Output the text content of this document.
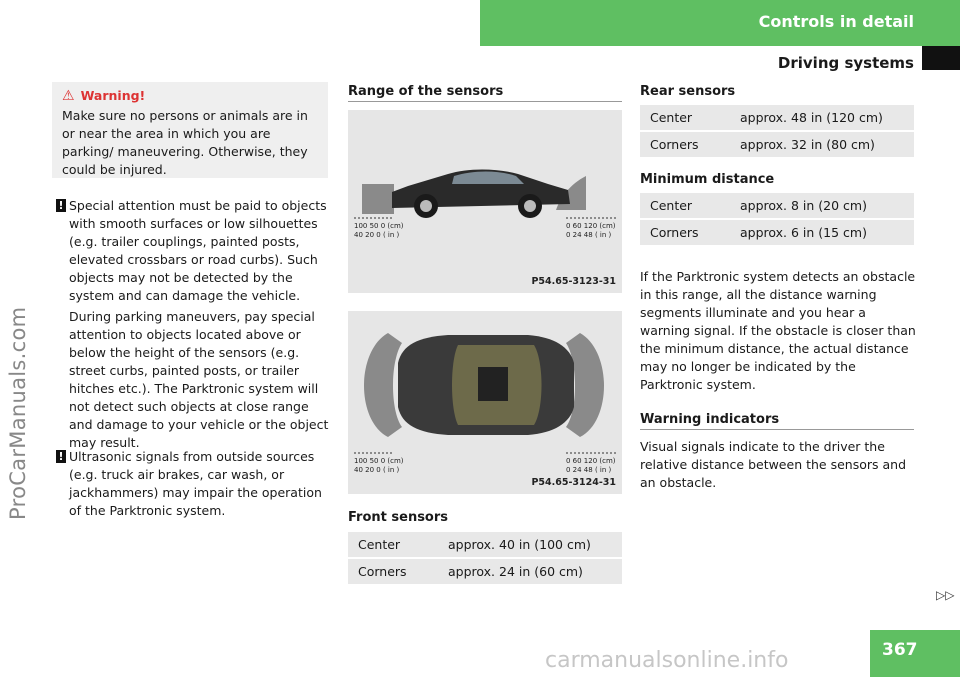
Controls in detail
Driving systems
ProCarManuals.com
⚠ Warning!
Make sure no persons or animals are in or near the area in which you are parking/ maneuvering. Otherwise, they could be injured.
! Special attention must be paid to objects with smooth surfaces or low silhouettes (e.g. trailer couplings, painted posts, elevated crossbars or road curbs). Such objects may not be detected by the system and can damage the vehicle.
During parking maneuvers, pay special attention to objects located above or below the height of the sensors (e.g. street curbs, painted posts, or trailer hitches etc.). The Parktronic system will not detect such objects at close range and damage to your vehicle or the object may result.
! Ultrasonic signals from outside sources (e.g. truck air brakes, car wash, or jackhammers) may impair the operation of the Parktronic system.
Range of the sensors
100 50 0 (cm)
40 20 0 ( in )
0 60 120 (cm)
0 24 48 ( in )
P54.65-3123-31
100 50 0 (cm)
40 20 0 ( in )
0 60 120 (cm)
0 24 48 ( in )
P54.65-3124-31
Front sensors
Center	approx. 40 in (100 cm)
Corners	approx. 24 in (60 cm)
Rear sensors
Center	approx. 48 in (120 cm)
Corners	approx. 32 in (80 cm)
Minimum distance
Center	approx. 8 in (20 cm)
Corners	approx. 6 in (15 cm)
If the Parktronic system detects an obstacle in this range, all the distance warning segments illuminate and you hear a warning signal. If the obstacle is closer than the minimum distance, the actual distance may no longer be indicated by the Parktronic system.
Warning indicators
Visual signals indicate to the driver the relative distance between the sensors and an obstacle.
▷▷
367
carmanualsonline.info
